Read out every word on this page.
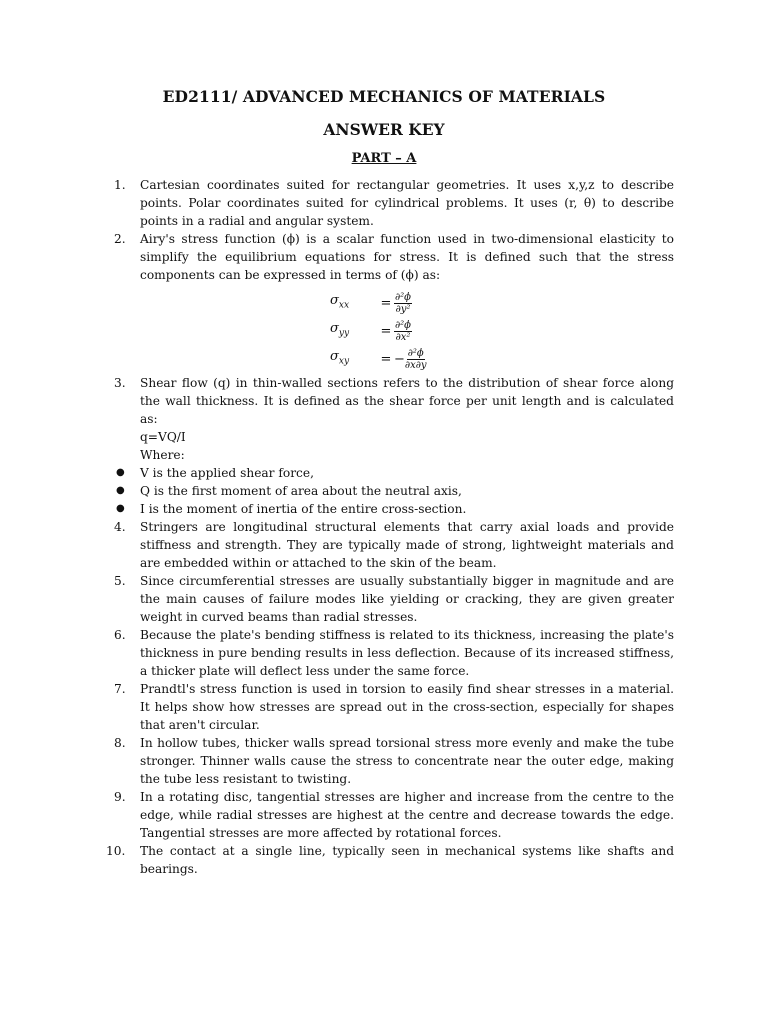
ED2111/ ADVANCED MECHANICS OF MATERIALS
ANSWER KEY
PART – A
1. Cartesian coordinates suited for rectangular geometries. It uses x,y,z to describe points. Polar coordinates suited for cylindrical problems. It uses (r, θ) to describe points in a radial and angular system.
2. Airy's stress function (ϕ) is a scalar function used in two-dimensional elasticity to simplify the equilibrium equations for stress. It is defined such that the stress components can be expressed in terms of (ϕ) as:
$\sigma_{xx}$	= $\frac{\text{∂²ϕ}}{\text{∂y²}}$
$\sigma_{yy}$	= $\frac{\text{∂²ϕ}}{\text{∂x²}}$
$\sigma_{xy}$	= − $\frac{\text{∂²ϕ}}{\partial x\partial y}$
3. Shear flow (q) in thin-walled sections refers to the distribution of shear force along the wall thickness. It is defined as the shear force per unit length and is calculated as:
q=VQ/I
Where:
● V is the applied shear force,
● Q is the first moment of area about the neutral axis,
● I is the moment of inertia of the entire cross-section.
4. Stringers are longitudinal structural elements that carry axial loads and provide stiffness and strength. They are typically made of strong, lightweight materials and are embedded within or attached to the skin of the beam.
5. Since circumferential stresses are usually substantially bigger in magnitude and are the main causes of failure modes like yielding or cracking, they are given greater weight in curved beams than radial stresses.
6. Because the plate's bending stiffness is related to its thickness, increasing the plate's thickness in pure bending results in less deflection. Because of its increased stiffness, a thicker plate will deflect less under the same force.
7. Prandtl's stress function is used in torsion to easily find shear stresses in a material. It helps show how stresses are spread out in the cross-section, especially for shapes that aren't circular.
8. In hollow tubes, thicker walls spread torsional stress more evenly and make the tube stronger. Thinner walls cause the stress to concentrate near the outer edge, making the tube less resistant to twisting.
9. In a rotating disc, tangential stresses are higher and increase from the centre to the edge, while radial stresses are highest at the centre and decrease towards the edge. Tangential stresses are more affected by rotational forces.
10. The contact at a single line, typically seen in mechanical systems like shafts and bearings.
